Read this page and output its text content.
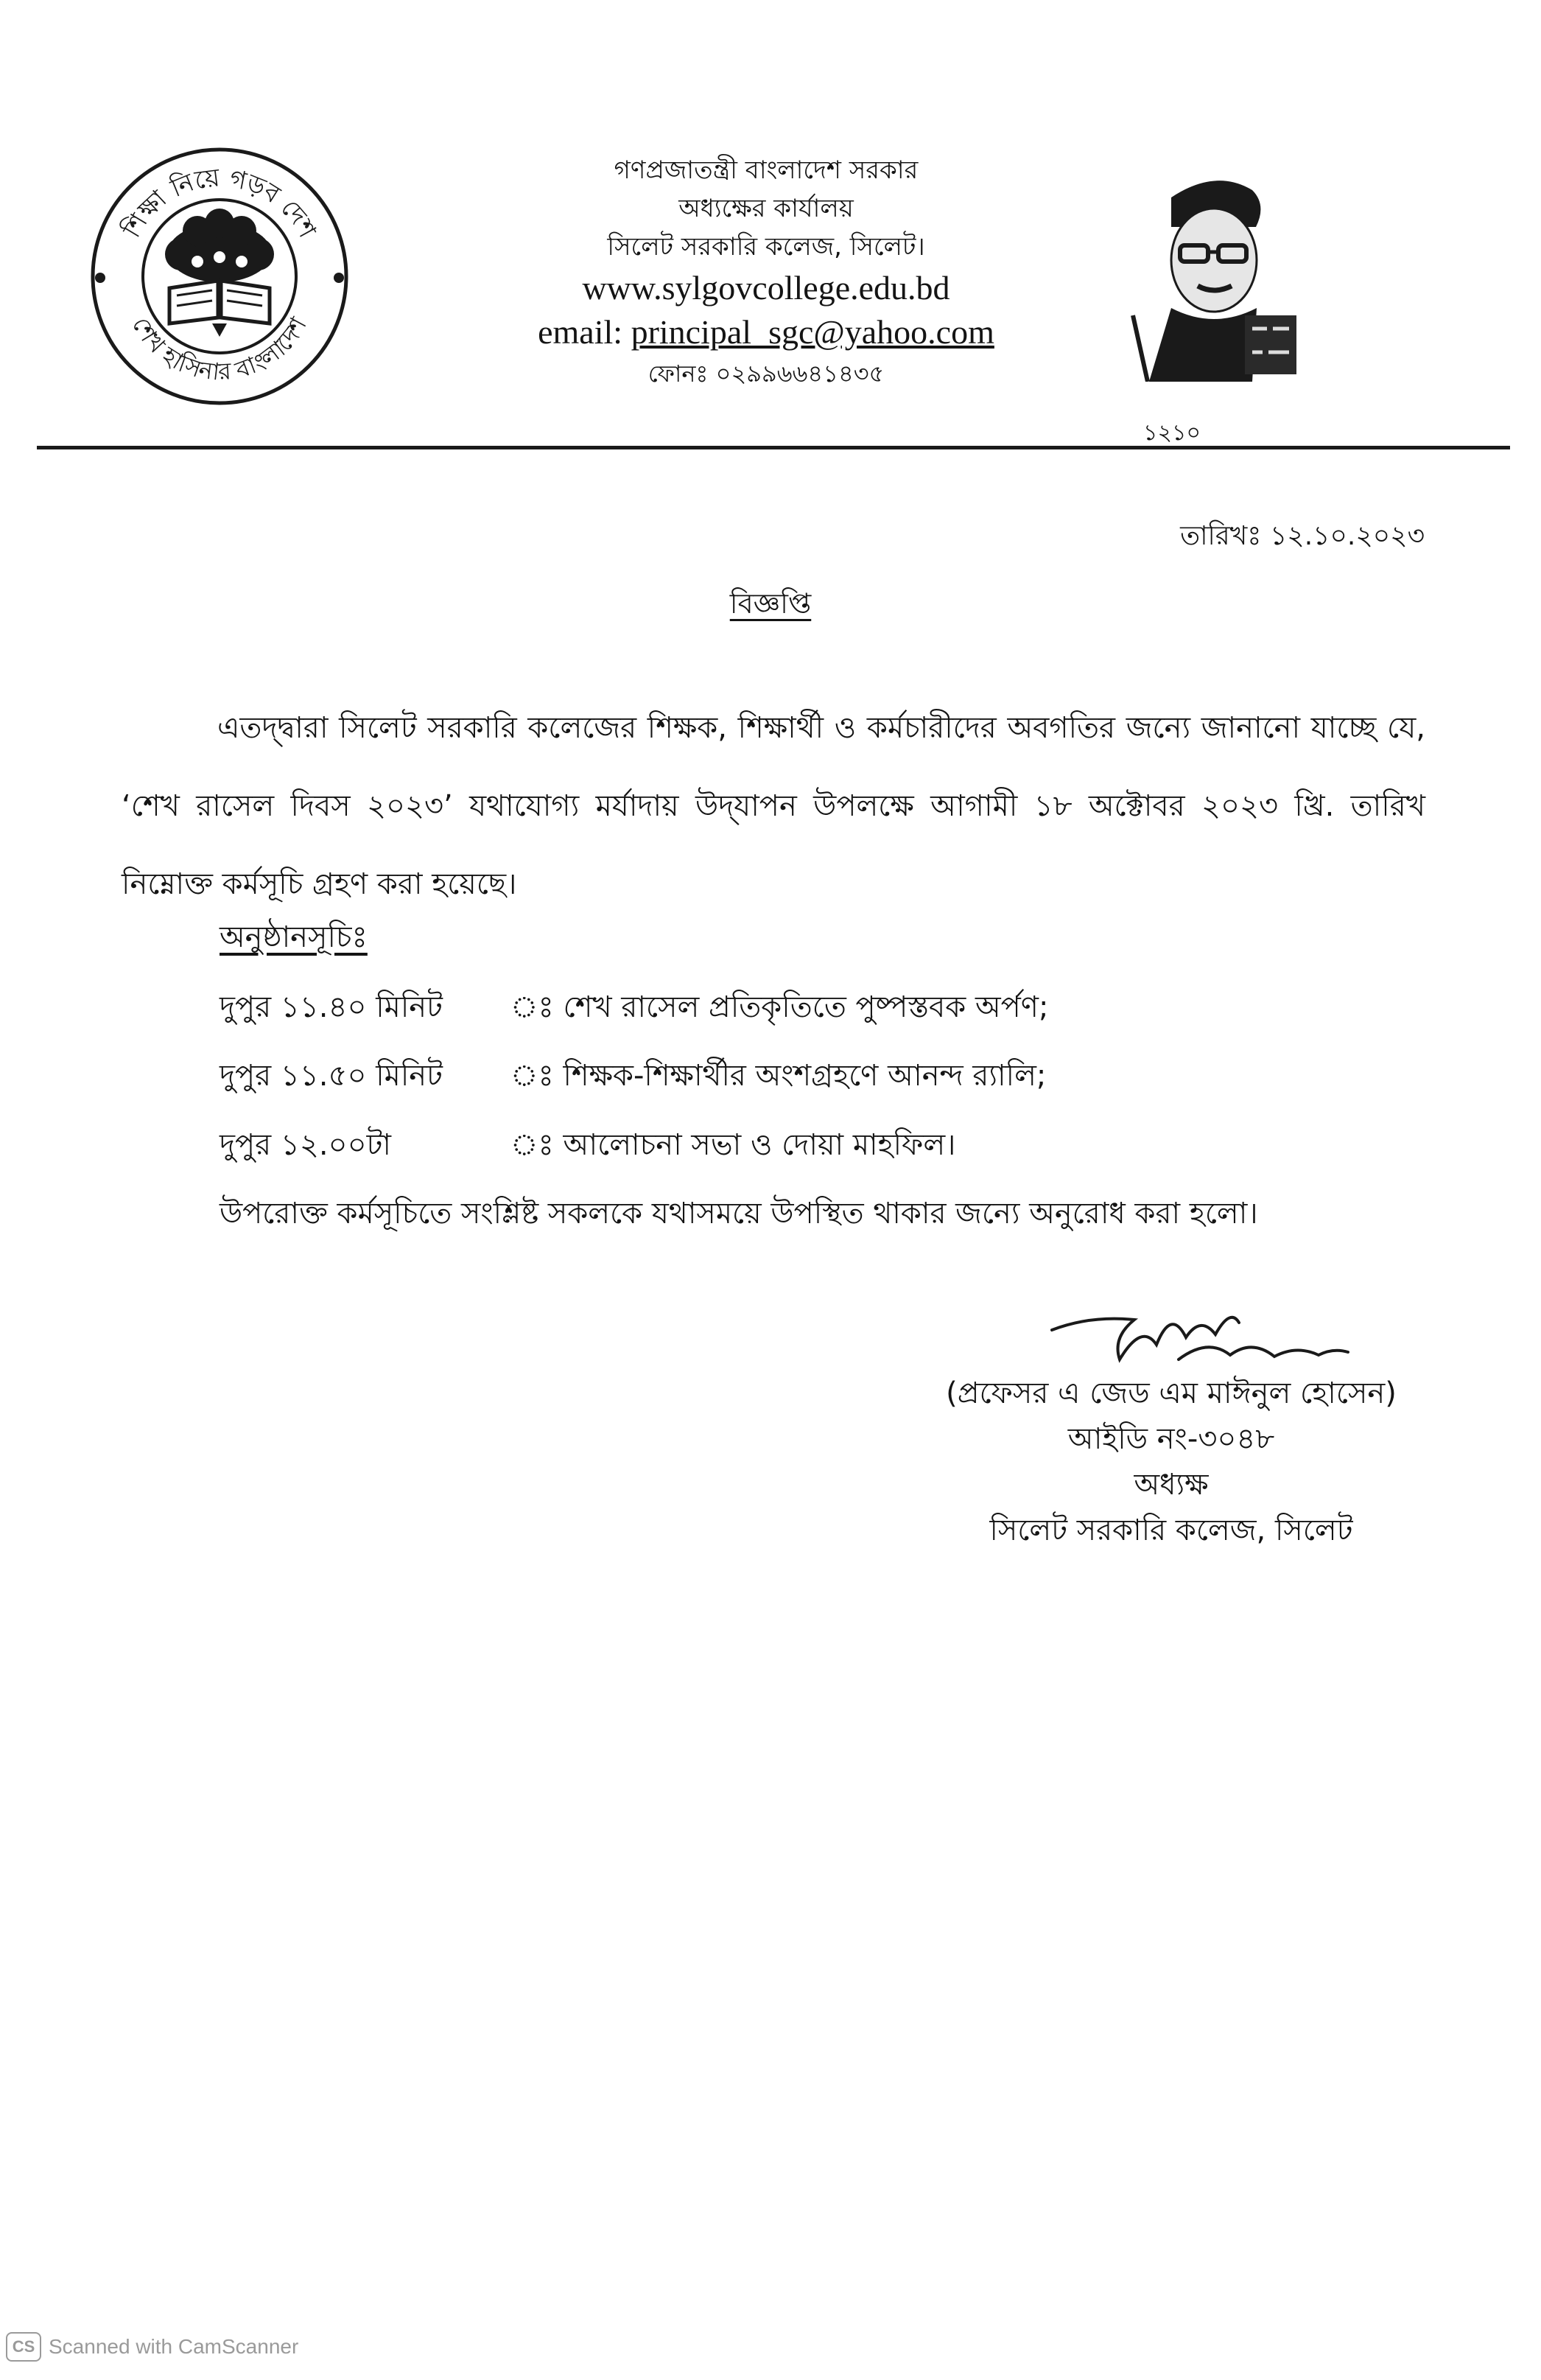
শিক্ষা নিয়ে গড়ব দেশ
শেখ হাসিনার বাংলাদেশ
গণপ্রজাতন্ত্রী বাংলাদেশ সরকার
অধ্যক্ষের কার্যালয়
সিলেট সরকারি কলেজ, সিলেট।
www.sylgovcollege.edu.bd
email: principal_sgc@yahoo.com
ফোনঃ ০২৯৯৬৬৪১৪৩৫
১২১০
তারিখঃ ১২.১০.২০২৩
বিজ্ঞপ্তি
এতদ্দ্বারা সিলেট সরকারি কলেজের শিক্ষক, শিক্ষার্থী ও কর্মচারীদের অবগতির জন্যে জানানো যাচ্ছে যে, ‘শেখ রাসেল দিবস ২০২৩’ যথাযোগ্য মর্যাদায় উদ্‌যাপন উপলক্ষে আগামী ১৮ অক্টোবর ২০২৩ খ্রি. তারিখ নিম্নোক্ত কর্মসূচি গ্রহণ করা হয়েছে।
অনুষ্ঠানসূচিঃ
দুপুর ১১.৪০ মিনিট ঃ শেখ রাসেল প্রতিকৃতিতে পুষ্পস্তবক অর্পণ;
দুপুর ১১.৫০ মিনিট ঃ শিক্ষক-শিক্ষার্থীর অংশগ্রহণে আনন্দ র‍্যালি;
দুপুর ১২.০০টা	ঃ আলোচনা সভা ও দোয়া মাহফিল।
উপরোক্ত কর্মসূচিতে সংশ্লিষ্ট সকলকে যথাসময়ে উপস্থিত থাকার জন্যে অনুরোধ করা হলো।
(প্রফেসর এ জেড এম মাঈনুল হোসেন)
আইডি নং-৩০৪৮
অধ্যক্ষ
সিলেট সরকারি কলেজ, সিলেট
CS Scanned with CamScanner
